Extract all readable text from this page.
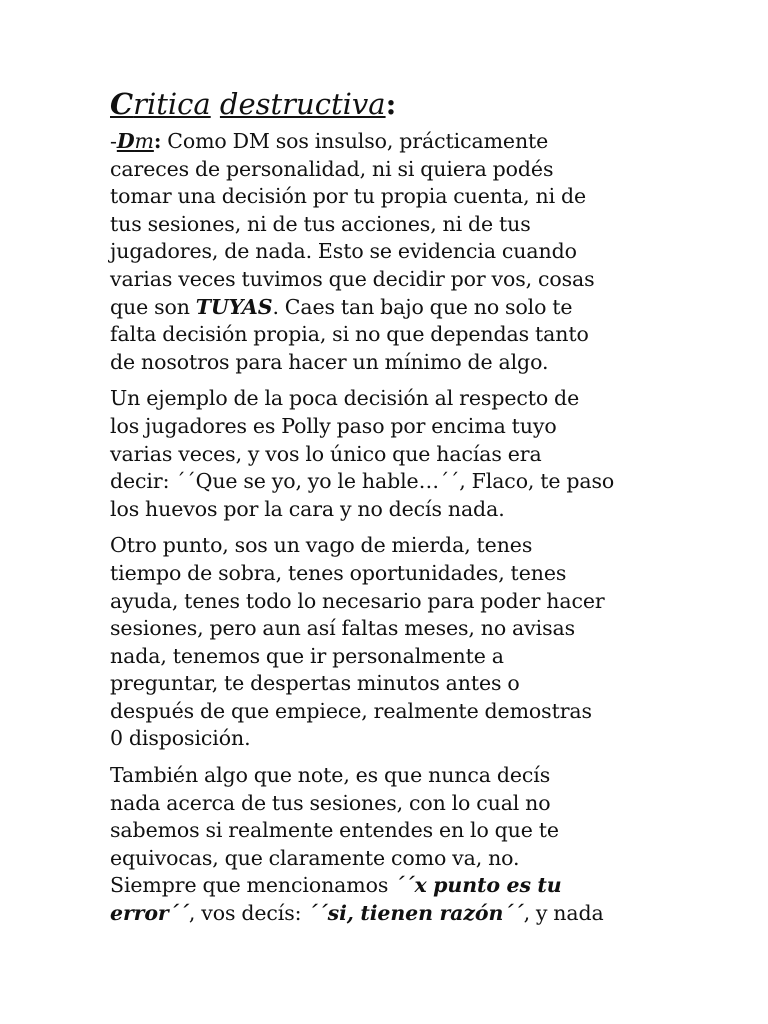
Critica destructiva:
-Dm: Como DM sos insulso, prácticamente
careces de personalidad, ni si quiera podés
tomar una decisión por tu propia cuenta, ni de
tus sesiones, ni de tus acciones, ni de tus
jugadores, de nada. Esto se evidencia cuando
varias veces tuvimos que decidir por vos, cosas
que son TUYAS. Caes tan bajo que no solo te
falta decisión propia, si no que dependas tanto
de nosotros para hacer un mínimo de algo.
Un ejemplo de la poca decisión al respecto de
los jugadores es Polly paso por encima tuyo
varias veces, y vos lo único que hacías era
decir: ´´Que se yo, yo le hable…´´, Flaco, te paso
los huevos por la cara y no decís nada.
Otro punto, sos un vago de mierda, tenes
tiempo de sobra, tenes oportunidades, tenes
ayuda, tenes todo lo necesario para poder hacer
sesiones, pero aun así faltas meses, no avisas
nada, tenemos que ir personalmente a
preguntar, te despertas minutos antes o
después de que empiece, realmente demostras
0 disposición.
También algo que note, es que nunca decís
nada acerca de tus sesiones, con lo cual no
sabemos si realmente entendes en lo que te
equivocas, que claramente como va, no.
Siempre que mencionamos ´´x punto es tu
error´´, vos decís: ´´si, tienen razón´´, y nada
